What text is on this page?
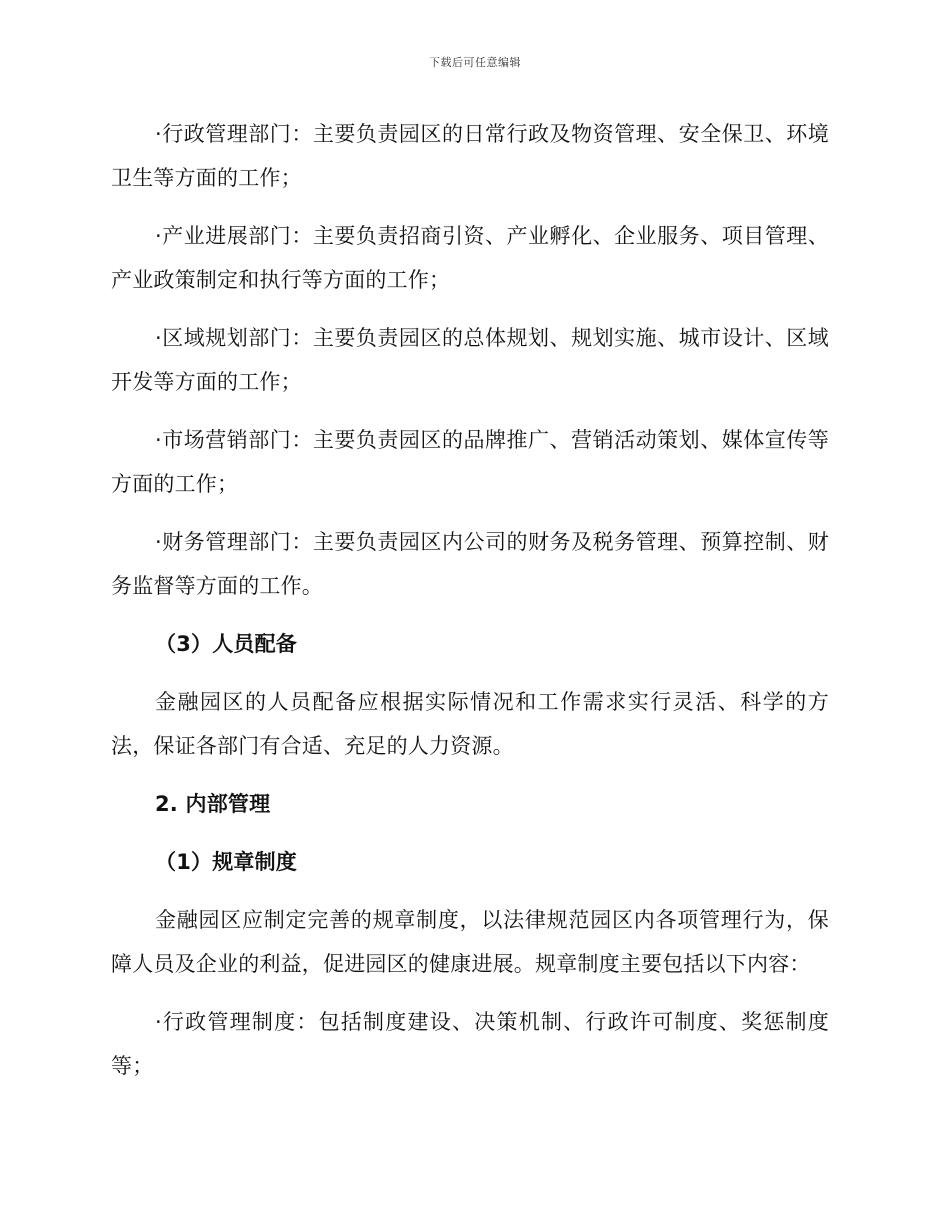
下载后可任意编辑

·行政管理部门：主要负责园区的日常行政及物资管理、安全保卫、环境卫生等方面的工作；

·产业进展部门：主要负责招商引资、产业孵化、企业服务、项目管理、产业政策制定和执行等方面的工作；

·区域规划部门：主要负责园区的总体规划、规划实施、城市设计、区域开发等方面的工作；

·市场营销部门：主要负责园区的品牌推广、营销活动策划、媒体宣传等方面的工作；

·财务管理部门：主要负责园区内公司的财务及税务管理、预算控制、财务监督等方面的工作。

（3）人员配备

金融园区的人员配备应根据实际情况和工作需求实行灵活、科学的方法，保证各部门有合适、充足的人力资源。

2. 内部管理

（1）规章制度

金融园区应制定完善的规章制度，以法律规范园区内各项管理行为，保障人员及企业的利益，促进园区的健康进展。规章制度主要包括以下内容：

·行政管理制度：包括制度建设、决策机制、行政许可制度、奖惩制度等；
